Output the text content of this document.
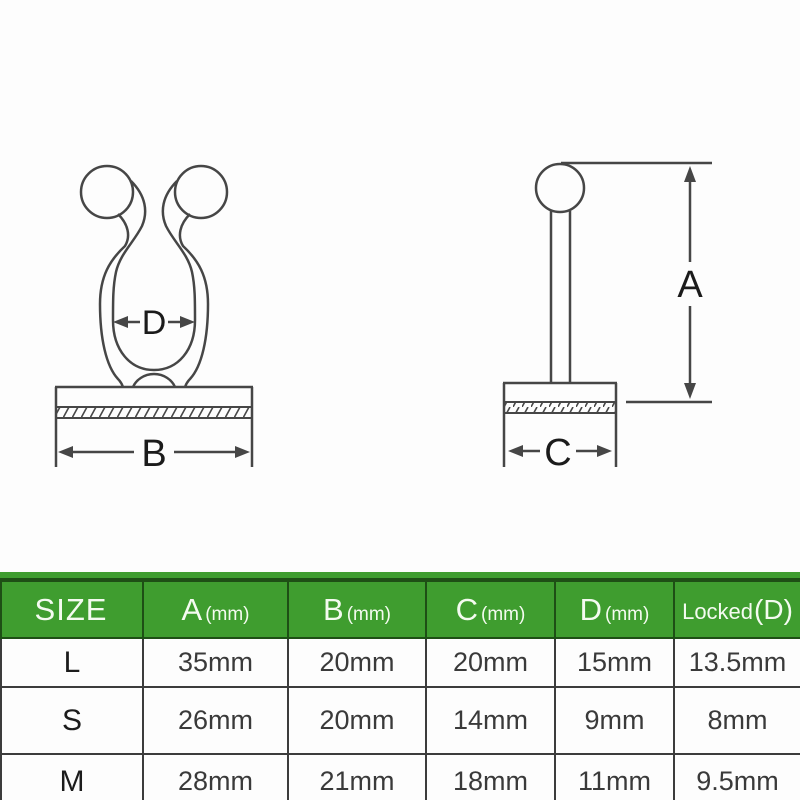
D
B
A
C
SIZE	A (mm)	B (mm)	C (mm)	D (mm)	Locked(D)
L	35mm	20mm	20mm	15mm	13.5mm
S	26mm	20mm	14mm	9mm	8mm
M	28mm	21mm	18mm	11mm	9.5mm
